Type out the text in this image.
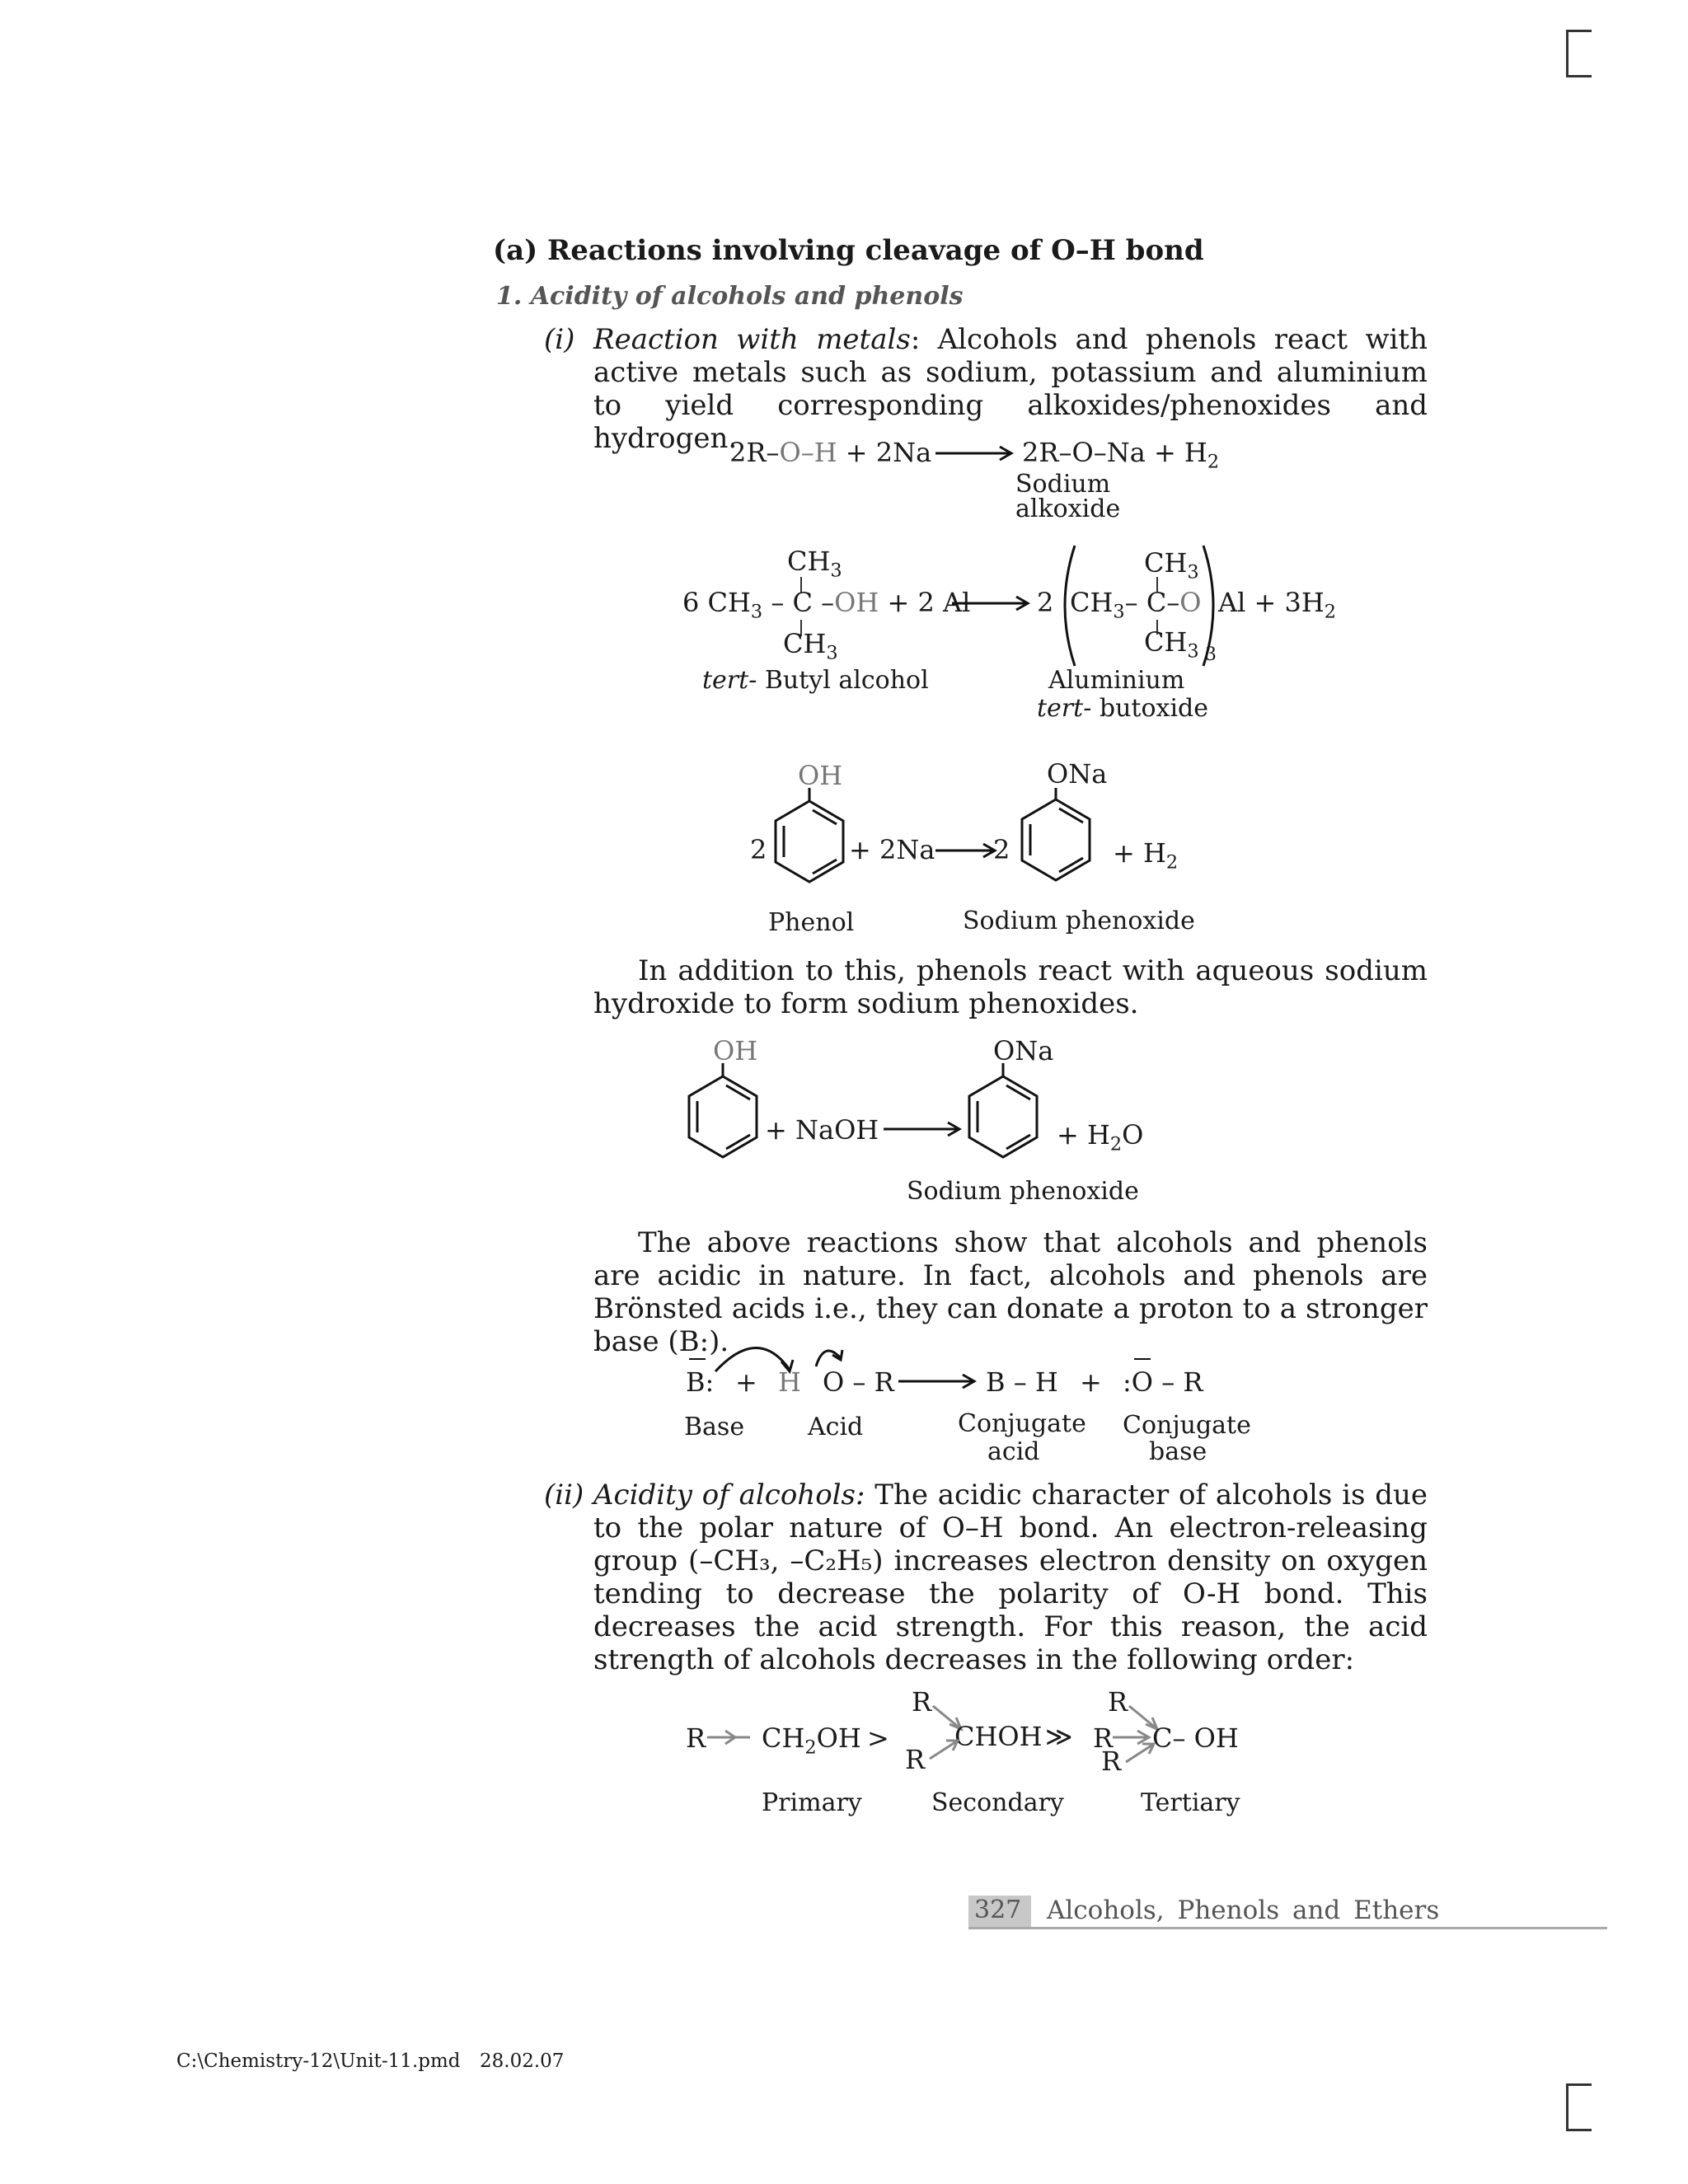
(a) Reactions involving cleavage of O–H bond
1. Acidity of alcohols and phenols
(i) Reaction with metals: Alcohols and phenols react with active metals such as sodium, potassium and aluminium to yield corresponding alkoxides/phenoxides and hydrogen.
2R–O–H + 2Na	$2R-O-Na + H_2$
Sodium
alkoxide
$CH_3$
6 $CH_3$ – C –OH + 2 Al
$CH_3$
2
$CH_3$
$CH_3-$ C–O
$CH_3$ 3
$Al + 3H_2$
tert- Butyl alcohol	Aluminium
tert- butoxide
OH
2	+ 2Na 2
ONa
+ $H_2$
Phenol	Sodium phenoxide
In addition to this, phenols react with aqueous sodium hydroxide to form sodium phenoxides.
OH
+ NaOH
ONa
+ $H_2O$
Sodium phenoxide
The above reactions show that alcohols and phenols are acidic in nature. In fact, alcohols and phenols are Brönsted acids i.e., they can donate a proton to a stronger base (B:).
B: + H O – R	B – H + :O – R
Base	Acid	Conjugate
acid
Conjugate
base
(ii) Acidity of alcohols: The acidic character of alcohols is due to the polar nature of O–H bond. An electron-releasing group (–CH₃, –C₂H₅) increases electron density on oxygen tending to decrease the polarity of O-H bond. This decreases the acid strength. For this reason, the acid strength of alcohols decreases in the following order:
R $CH_2OH$ >
R
CHOH
R
≫
R
R C– OH
R
Primary	Secondary	Tertiary
327 Alcohols, Phenols and Ethers
C:\Chemistry-12\Unit-11.pmd 28.02.07
